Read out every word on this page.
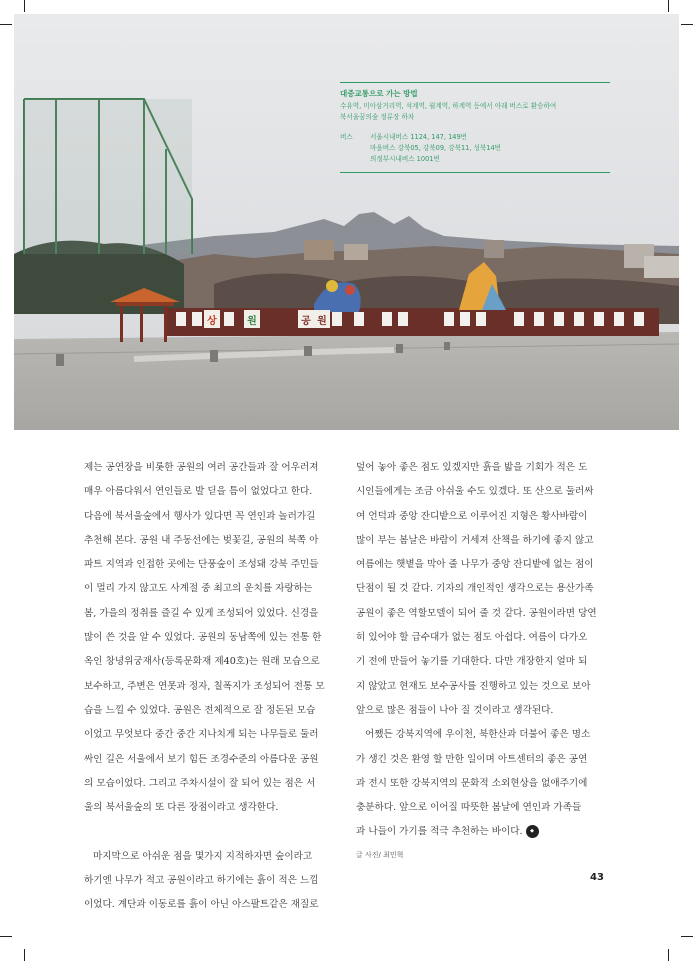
상	원	공 원
대중교통으로 가는 방법
수유역, 미아삼거리역, 석계역, 월계역, 하계역 등에서 아래 버스로 환승하여
북서울꿈의숲 정류장 하차
버스	서울시내버스 1124, 147, 149번
마을버스 강북05, 강북09, 강북11, 성북14번
의정부시내버스 1001번

제는 공연장을 비롯한 공원의 여러 공간들과 잘 어우러져

매우 아름다워서 연인들로 발 딛을 틈이 없었다고 한다.

다음에 북서울숲에서 행사가 있다면 꼭 연인과 놀러가길

추천해 본다. 공원 내 주동선에는 벚꽃길, 공원의 북쪽 아

파트 지역과 인접한 곳에는 단풍숲이 조성돼 강북 주민들

이 멀리 가지 않고도 사계절 중 최고의 운치를 자랑하는

봄, 가을의 정취를 즐길 수 있게 조성되어 있었다. 신경을

많이 쓴 것을 알 수 있었다. 공원의 동남쪽에 있는 전통 한

옥인 창녕위궁재사(등록문화재 제40호)는 원래 모습으로

보수하고, 주변은 연못과 정자, 칠폭지가 조성되어 전통 모

습을 느낄 수 있었다. 공원은 전체적으로 잘 정돈된 모습

이었고 무엇보다 중간 중간 지나치게 되는 나무들로 둘러

싸인 길은 서울에서 보기 힘든 조경수준의 아름다운 공원

의 모습이었다. 그리고 주차시설이 잘 되어 있는 점은 서

울의 북서울숲의 또 다른 장점이라고 생각한다.

마지막으로 아쉬운 점을 몇가지 지적하자면 숲이라고

하기엔 나무가 적고 공원이라고 하기에는 흙이 적은 느낌

이었다. 계단과 이동로를 흙이 아닌 아스팔트같은 재질로

덮어 놓아 좋은 점도 있겠지만 흙을 밟을 기회가 적은 도

시인들에게는 조금 아쉬울 수도 있겠다. 또 산으로 둘러싸

여 언덕과 중앙 잔디밭으로 이루어진 지형은 황사바람이

많이 부는 봄날은 바람이 거세져 산책을 하기에 좋지 않고

여름에는 햇볕을 막아 줄 나무가 중앙 잔디밭에 없는 점이

단점이 될 것 같다. 기자의 개인적인 생각으로는 용산가족

공원이 좋은 역할모델이 되어 줄 것 같다. 공원이라면 당연

히 있어야 할 급수대가 없는 점도 아쉽다. 여름이 다가오

기 전에 만들어 놓기를 기대한다. 다만 개장한지 얼마 되

지 않았고 현재도 보수공사를 진행하고 있는 것으로 보아

앞으로 많은 점들이 나아 질 것이라고 생각된다.

어쨌든 강북지역에 우이천, 북한산과 더불어 좋은 명소

가 생긴 것은 환영 할 만한 일이며 아트센터의 좋은 공연

과 전시 또한 강북지역의 문화적 소외현상을 없애주기에

충분하다. 앞으로 이어질 따뜻한 봄날에 연인과 가족들

과 나들이 가기를 적극 추천하는 바이다. ◆

글 사진/ 최민혁
43
